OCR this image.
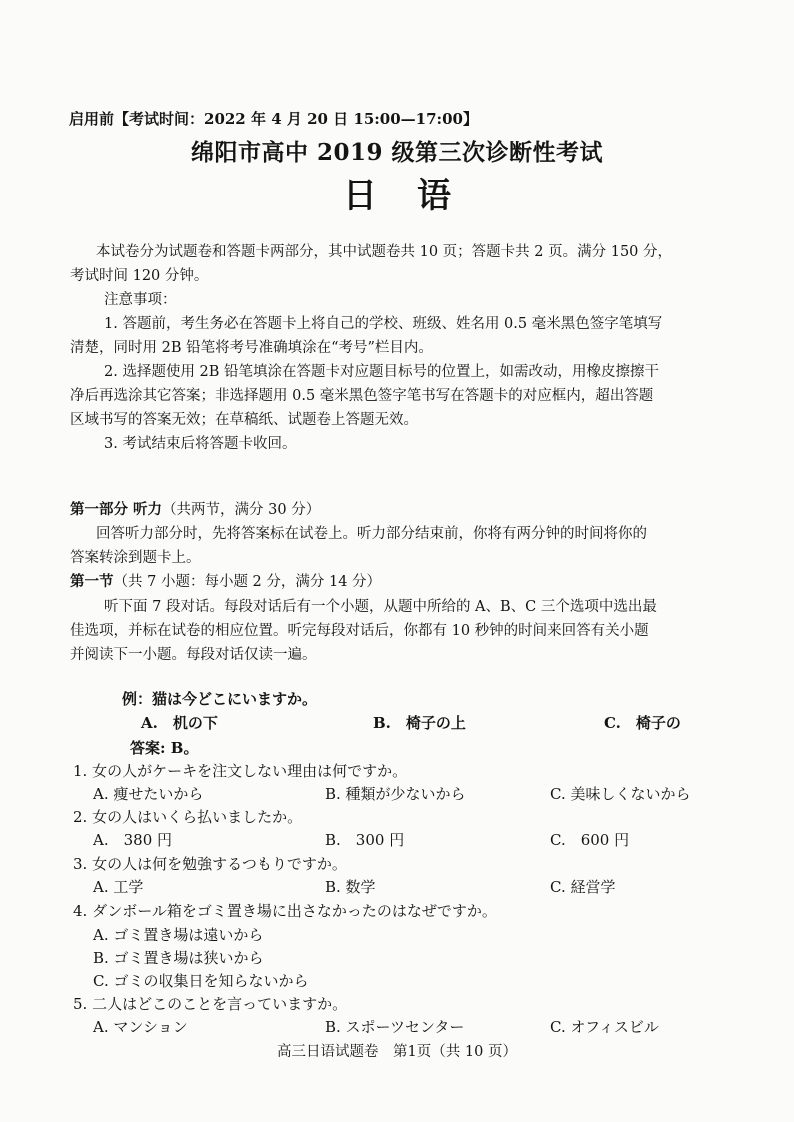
启用前【考试时间：2022 年 4 月 20 日 15:00—17:00】
绵阳市高中 2019 级第三次诊断性考试
日语
本试卷分为试题卷和答题卡两部分，其中试题卷共 10 页；答题卡共 2 页。满分 150 分，
考试时间 120 分钟。
注意事项：
1. 答题前，考生务必在答题卡上将自己的学校、班级、姓名用 0.5 毫米黑色签字笔填写
清楚，同时用 2B 铅笔将考号准确填涂在“考号”栏目内。
2. 选择题使用 2B 铅笔填涂在答题卡对应题目标号的位置上，如需改动，用橡皮擦擦干
净后再选涂其它答案；非选择题用 0.5 毫米黑色签字笔书写在答题卡的对应框内，超出答题
区域书写的答案无效；在草稿纸、试题卷上答题无效。
3. 考试结束后将答题卡收回。
第一部分 听力（共两节，满分 30 分）
回答听力部分时，先将答案标在试卷上。听力部分结束前，你将有两分钟的时间将你的
答案转涂到题卡上。
第一节（共 7 小题：每小题 2 分，满分 14 分）
听下面 7 段对话。每段对话后有一个小题，从题中所给的 A、B、C 三个选项中选出最
佳选项，并标在试卷的相应位置。听完每段对话后，你都有 10 秒钟的时间来回答有关小题
并阅读下一小题。每段对话仅读一遍。
例：猫は今どこにいますか。
A.　机の下	B.　椅子の上	C.　椅子の
答案: B。
1. 女の人がケーキを注文しない理由は何ですか。
A. 痩せたいから	B. 種類が少ないから	C. 美味しくないから
2. 女の人はいくら払いましたか。
A.　380 円	B.　300 円	C.　600 円
3. 女の人は何を勉強するつもりですか。
A. 工学	B. 数学	C. 経営学
4. ダンボール箱をゴミ置き場に出さなかったのはなぜですか。
A. ゴミ置き場は遠いから
B. ゴミ置き場は狭いから
C. ゴミの収集日を知らないから
5. 二人はどこのことを言っていますか。
A. マンション	B. スポーツセンター	C. オフィスビル
高三日语试题卷　第1页（共 10 页）
